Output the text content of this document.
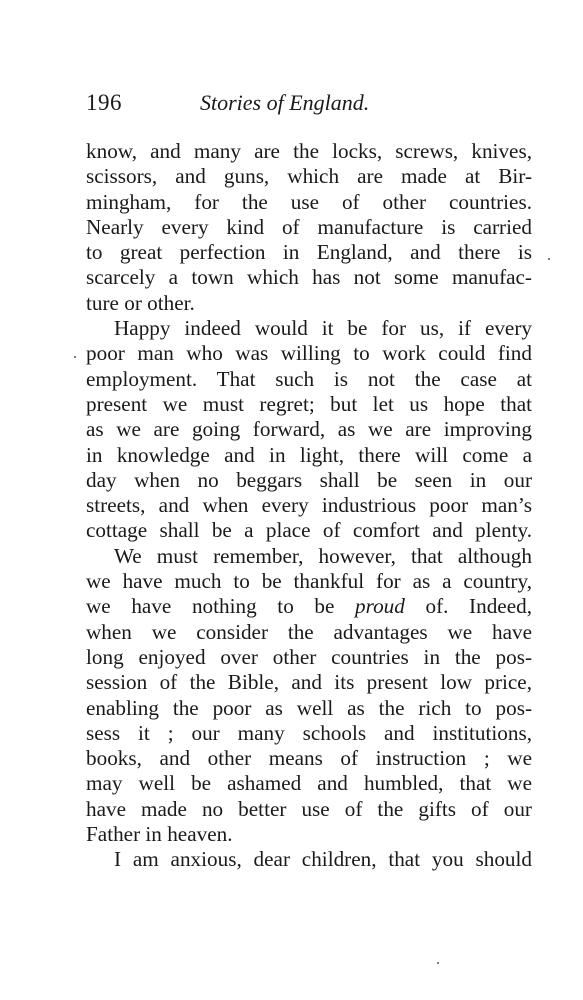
196	Stories of England.
know, and many are the locks, screws, knives,
scissors, and guns, which are made at Bir-
mingham, for the use of other countries.
Nearly every kind of manufacture is carried
to great perfection in England, and there is
scarcely a town which has not some manufac-
ture or other.
Happy indeed would it be for us, if every
poor man who was willing to work could find
employment. That such is not the case at
present we must regret; but let us hope that
as we are going forward, as we are improving
in knowledge and in light, there will come a
day when no beggars shall be seen in our
streets, and when every industrious poor man’s
cottage shall be a place of comfort and plenty.
We must remember, however, that although
we have much to be thankful for as a country,
we have nothing to be proud of. Indeed,
when we consider the advantages we have
long enjoyed over other countries in the pos-
session of the Bible, and its present low price,
enabling the poor as well as the rich to pos-
sess it ; our many schools and institutions,
books, and other means of instruction ; we
may well be ashamed and humbled, that we
have made no better use of the gifts of our
Father in heaven.
I am anxious, dear children, that you should
